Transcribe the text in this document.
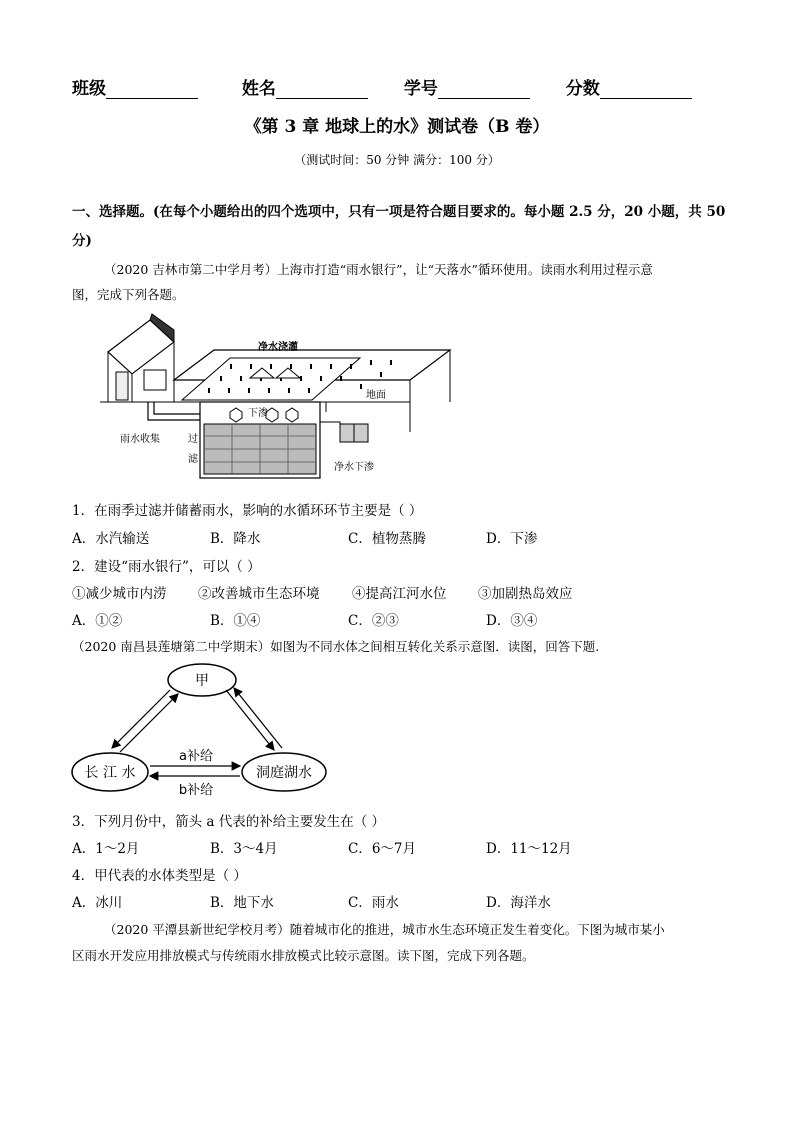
班级	姓名	学号	分数
《第 3 章 地球上的水》测试卷（B 卷）
（测试时间：50 分钟 满分：100 分）
一、选择题。(在每个小题给出的四个选项中，只有一项是符合题目要求的。每小题 2.5 分，20 小题，共 50
分)
（2020 吉林市第二中学月考）上海市打造“雨水银行”，让“天落水”循环使用。读雨水利用过程示意
图，完成下列各题。
净水浇灌
地面
下渗
雨水收集	过
滤
净水下渗
1．在雨季过滤并储蓄雨水，影响的水循环环节主要是（ ）
A．水汽输送	B．降水	C．植物蒸腾	D．下渗
2．建设“雨水银行”，可以（ ）
①减少城市内涝 ②改善城市生态环境 ④提高江河水位 ③加剧热岛效应
A．①②	B．①④	C．②③	D．③④
（2020 南昌县莲塘第二中学期末）如图为不同水体之间相互转化关系示意图．读图，回答下题.
甲
长 江 水	洞庭湖水
a补给
b补给
3．下列月份中，箭头 a 代表的补给主要发生在（ ）
A．1～2月	B．3～4月	C．6～7月	D．11～12月
4．甲代表的水体类型是（ ）
A．冰川	B．地下水	C．雨水	D．海洋水
（2020 平潭县新世纪学校月考）随着城市化的推进，城市水生态环境正发生着变化。下图为城市某小
区雨水开发应用排放模式与传统雨水排放模式比较示意图。读下图，完成下列各题。
